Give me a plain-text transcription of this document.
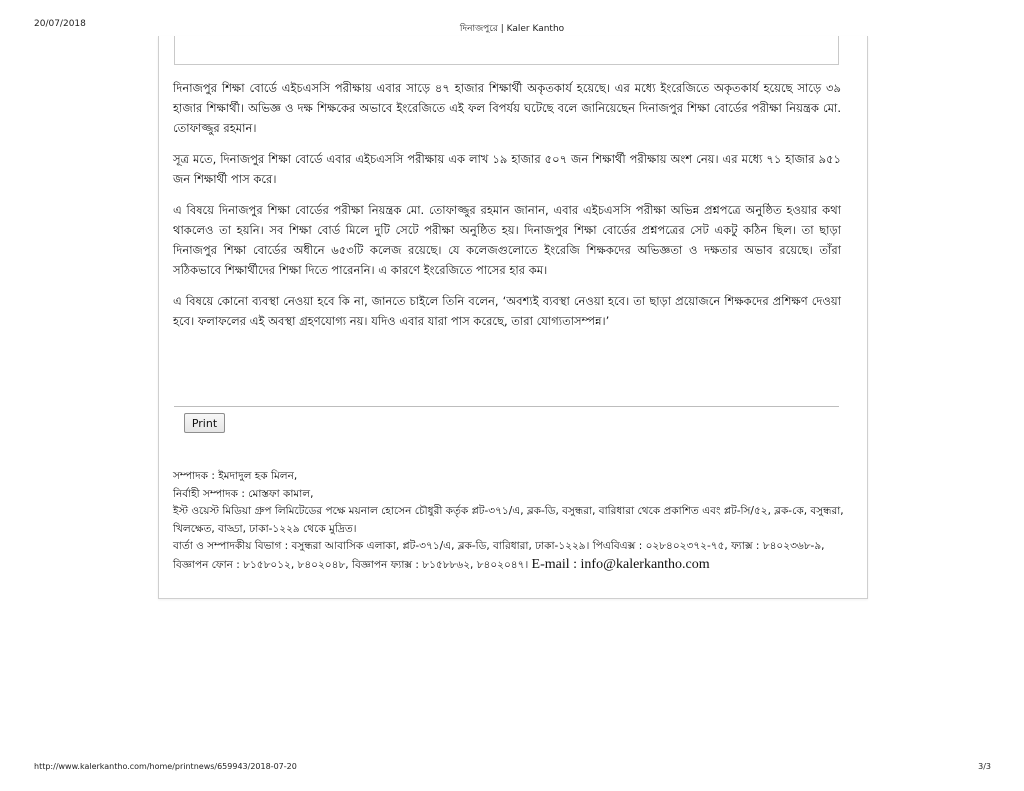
20/07/2018	দিনাজপুরে | Kaler Kantho

দিনাজপুর শিক্ষা বোর্ডে এইচএসসি পরীক্ষায় এবার সাড়ে ৪৭ হাজার শিক্ষার্থী অকৃতকার্য হয়েছে। এর মধ্যে ইংরেজিতে অকৃতকার্য হয়েছে সাড়ে ৩৯ হাজার শিক্ষার্থী। অভিজ্ঞ ও দক্ষ শিক্ষকের অভাবে ইংরেজিতে এই ফল বিপর্যয় ঘটেছে বলে জানিয়েছেন দিনাজপুর শিক্ষা বোর্ডের পরীক্ষা নিয়ন্ত্রক মো. তোফাজ্জুর রহমান।

সূত্র মতে, দিনাজপুর শিক্ষা বোর্ডে এবার এইচএসসি পরীক্ষায় এক লাখ ১৯ হাজার ৫০৭ জন শিক্ষার্থী পরীক্ষায় অংশ নেয়। এর মধ্যে ৭১ হাজার ৯৫১ জন শিক্ষার্থী পাস করে।

এ বিষয়ে দিনাজপুর শিক্ষা বোর্ডের পরীক্ষা নিয়ন্ত্রক মো. তোফাজ্জুর রহমান জানান, এবার এইচএসসি পরীক্ষা অভিন্ন প্রশ্নপত্রে অনুষ্ঠিত হওয়ার কথা থাকলেও তা হয়নি। সব শিক্ষা বোর্ড মিলে দুটি সেটে পরীক্ষা অনুষ্ঠিত হয়। দিনাজপুর শিক্ষা বোর্ডের প্রশ্নপত্রের সেট একটু কঠিন ছিল। তা ছাড়া দিনাজপুর শিক্ষা বোর্ডের অধীনে ৬৫৩টি কলেজ রয়েছে। যে কলেজগুলোতে ইংরেজি শিক্ষকদের অভিজ্ঞতা ও দক্ষতার অভাব রয়েছে। তাঁরা সঠিকভাবে শিক্ষার্থীদের শিক্ষা দিতে পারেননি। এ কারণে ইংরেজিতে পাসের হার কম।

এ বিষয়ে কোনো ব্যবস্থা নেওয়া হবে কি না, জানতে চাইলে তিনি বলেন, ‘অবশ্যই ব্যবস্থা নেওয়া হবে। তা ছাড়া প্রয়োজনে শিক্ষকদের প্রশিক্ষণ দেওয়া হবে। ফলাফলের এই অবস্থা গ্রহণযোগ্য নয়। যদিও এবার যারা পাস করেছে, তারা যোগ্যতাসম্পন্ন।’

Print
সম্পাদক : ইমদাদুল হক মিলন,
নির্বাহী সম্পাদক : মোস্তফা কামাল,
ইস্ট ওয়েস্ট মিডিয়া গ্রুপ লিমিটেডের পক্ষে ময়নাল হোসেন চৌধুরী কর্তৃক প্লট-৩৭১/এ, ব্লক-ডি, বসুন্ধরা, বারিধারা থেকে প্রকাশিত এবং প্লট-সি/৫২, ব্লক-কে, বসুন্ধরা, খিলক্ষেত, বাড্ডা, ঢাকা-১২২৯ থেকে মুদ্রিত।
বার্তা ও সম্পাদকীয় বিভাগ : বসুন্ধরা আবাসিক এলাকা, প্লট-৩৭১/এ, ব্লক-ডি, বারিধারা, ঢাকা-১২২৯। পিএবিএক্স : ০২৮৪০২৩৭২-৭৫, ফ্যাক্স : ৮৪০২৩৬৮-৯, বিজ্ঞাপন ফোন : ৮১৫৮০১২, ৮৪০২০৪৮, বিজ্ঞাপন ফ্যাক্স : ৮১৫৮৮৬২, ৮৪০২০৪৭। E-mail : info@kalerkantho.com
http://www.kalerkantho.com/home/printnews/659943/2018-07-20	3/3
